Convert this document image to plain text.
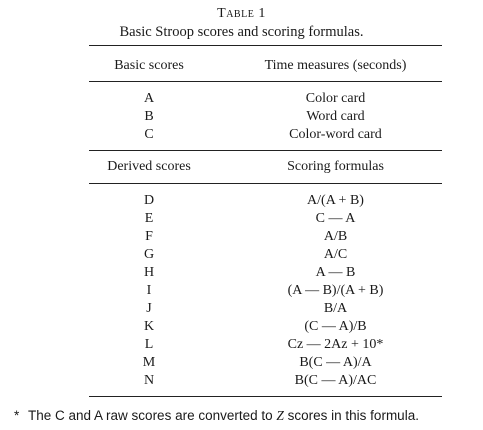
Table 1
Basic Stroop scores and scoring formulas.
Basic scores	Time measures (seconds)
A	Color card
B	Word card
C	Color-word card
Derived scores	Scoring formulas
D	A/(A + B)
E	C — A
F	A/B
G	A/C
H	A — B
I	(A — B)/(A + B)
J	B/A
K	(C — A)/B
L	Cz — 2Az + 10*
M	B(C — A)/A
N	B(C — A)/AC
* The C and A raw scores are converted to Z scores in this formula.
